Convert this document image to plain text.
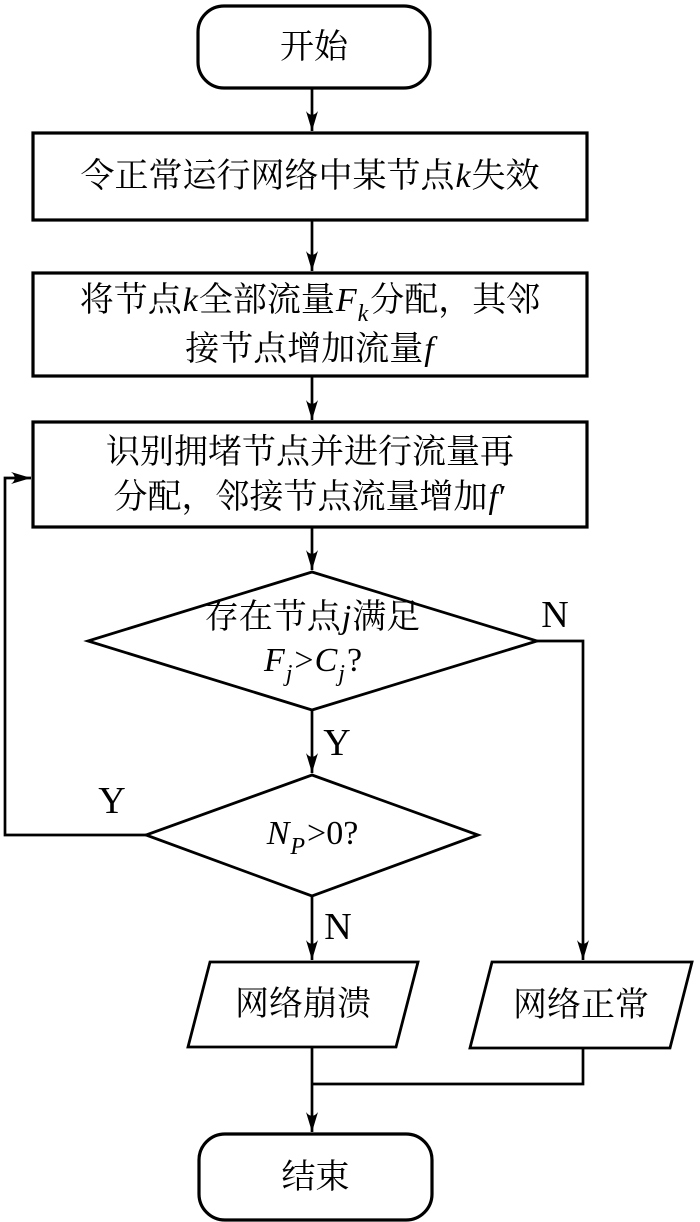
开始
令正常运行网络中某节点k失效
将节点k全部流量$F_k$分配，其邻
接节点增加流量f
识别拥堵节点并进行流量再
分配，邻接节点流量增加f′
存在节点j满足
$F_j>C_j$?
$N_P>0$?
网络崩溃	网络正常
结束
N
Y
Y
N
